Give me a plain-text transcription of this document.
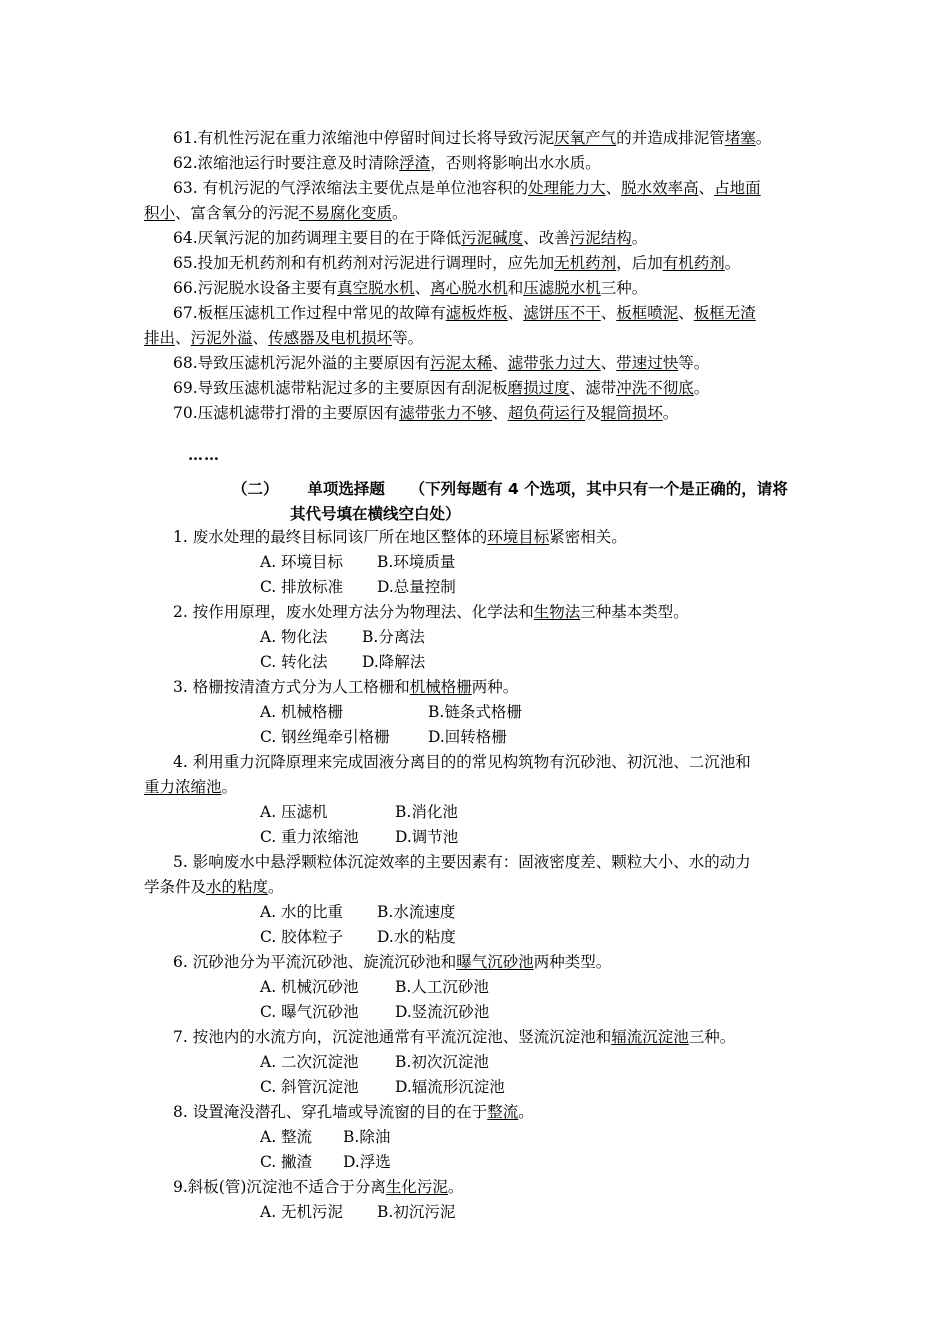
……
（二） 单项选择题 （下列每题有 4 个选项，其中只有一个是正确的，请将
其代号填在横线空白处）
61.有机性污泥在重力浓缩池中停留时间过长将导致污泥厌氧产气的并造成排泥管堵塞。
62.浓缩池运行时要注意及时清除浮渣，否则将影响出水水质。
63. 有机污泥的气浮浓缩法主要优点是单位池容积的处理能力大、脱水效率高、占地面
积小、富含氧分的污泥不易腐化变质。
64.厌氧污泥的加药调理主要目的在于降低污泥碱度、改善污泥结构。
65.投加无机药剂和有机药剂对污泥进行调理时，应先加无机药剂，后加有机药剂。
66.污泥脱水设备主要有真空脱水机、离心脱水机和压滤脱水机三种。
67.板框压滤机工作过程中常见的故障有滤板炸板、滤饼压不干、板框喷泥、板框无渣
排出、污泥外溢、传感器及电机损坏等。
68.导致压滤机污泥外溢的主要原因有污泥太稀、滤带张力过大、带速过快等。
69.导致压滤机滤带粘泥过多的主要原因有刮泥板磨损过度、滤带冲洗不彻底。
70.压滤机滤带打滑的主要原因有滤带张力不够、超负荷运行及辊筒损坏。
1. 废水处理的最终目标同该厂所在地区整体的环境目标紧密相关。
A. 环境目标 B.环境质量
C. 排放标准 D.总量控制
2. 按作用原理，废水处理方法分为物理法、化学法和生物法三种基本类型。
A. 物化法 B.分离法
C. 转化法 D.降解法
3. 格栅按清渣方式分为人工格栅和机械格栅两种。
A. 机械格栅	B.链条式格栅
C. 钢丝绳牵引格栅 D.回转格栅
4. 利用重力沉降原理来完成固液分离目的的常见构筑物有沉砂池、初沉池、二沉池和
重力浓缩池。
A. 压滤机	B.消化池
C. 重力浓缩池 D.调节池
5. 影响废水中悬浮颗粒体沉淀效率的主要因素有：固液密度差、颗粒大小、水的动力
学条件及水的粘度。
A. 水的比重 B.水流速度
C. 胶体粒子 D.水的粘度
6. 沉砂池分为平流沉砂池、旋流沉砂池和曝气沉砂池两种类型。
A. 机械沉砂池 B.人工沉砂池
C. 曝气沉砂池 D.竖流沉砂池
7. 按池内的水流方向，沉淀池通常有平流沉淀池、竖流沉淀池和辐流沉淀池三种。
A. 二次沉淀池 B.初次沉淀池
C. 斜管沉淀池 D.辐流形沉淀池
8. 设置淹没潜孔、穿孔墙或导流窗的目的在于整流。
A. 整流 B.除油
C. 撇渣 D.浮选
9.斜板(管)沉淀池不适合于分离生化污泥。
A. 无机污泥 B.初沉污泥
